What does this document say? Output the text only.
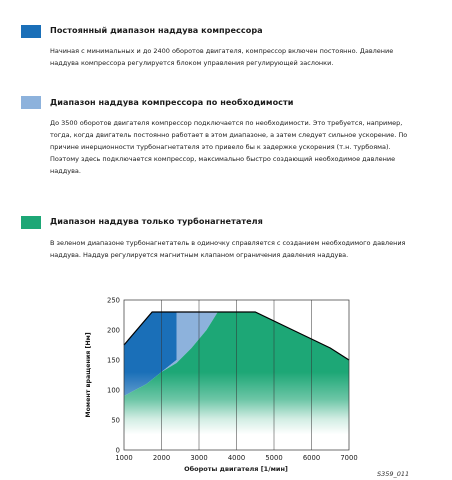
Постоянный диапазон наддува компрессора

Начиная с минимальных и до 2400 оборотов двигателя, компрессор включен постоянно. Давление
наддува компрессора регулируется блоком управления регулирующей заслонки.

Диапазон наддува компрессора по необходимости

До 3500 оборотов двигателя компрессор подключается по необходимости. Это требуется, например,
тогда, когда двигатель постоянно работает в этом диапазоне, а затем следует сильное ускорение. По
причине инерционности турбонагнетателя это привело бы к задержке ускорения (т.н. турбояма).
Поэтому здесь подключается компрессор, максимально быстро создающий необходимое давление
наддува.

Диапазон наддува только турбонагнетателя

В зеленом диапазоне турбонагнетатель в одиночку справляется с созданием необходимого давления
наддува. Наддув регулируется магнитным клапаном ограничения давления наддува.

1000	2000	3000	4000	5000	6000	7000
0
50
100
150
200
250
Момент вращения [Нм]
Обороты двигателя [1/мин]
S359_011
